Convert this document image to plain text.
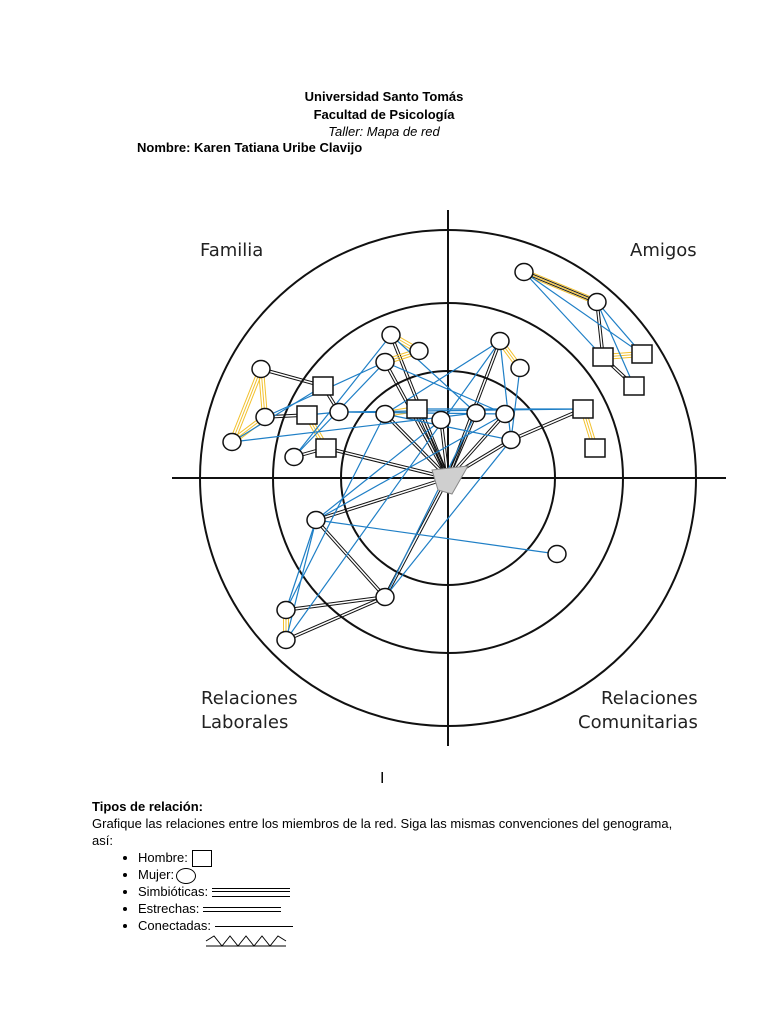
Universidad Santo Tomás
Facultad de Psicología
Taller: Mapa de red
Nombre: Karen Tatiana Uribe Clavijo
Familia	Amigos
Relaciones
Laborales
Relaciones
Comunitarias
I
Tipos de relación:
Grafique las relaciones entre los miembros de la red. Siga las mismas convenciones del genograma, así:
• Hombre:
• Mujer:
• Simbióticas:
• Estrechas:
• Conectadas:
